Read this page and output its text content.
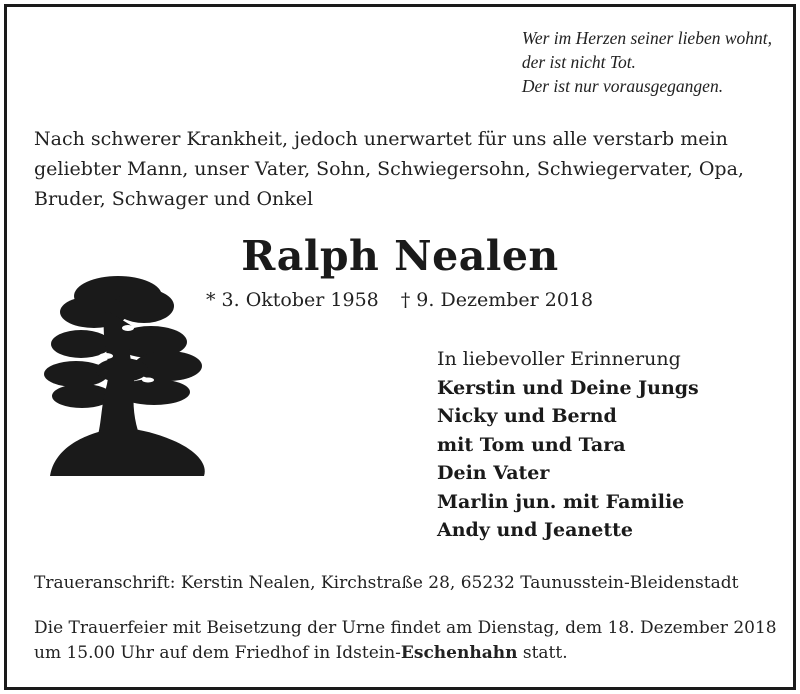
Wer im Herzen seiner lieben wohnt,
der ist nicht Tot.
Der ist nur vorausgegangen.
Nach schwerer Krankheit, jedoch unerwartet für uns alle verstarb mein
geliebter Mann, unser Vater, Sohn, Schwiegersohn, Schwiegervater, Opa,
Bruder, Schwager und Onkel
Ralph Nealen
* 3. Oktober 1958 † 9. Dezember 2018
In liebevoller Erinnerung
Kerstin und Deine Jungs
Nicky und Bernd
mit Tom und Tara
Dein Vater
Marlin jun. mit Familie
Andy und Jeanette
Traueranschrift: Kerstin Nealen, Kirchstraße 28, 65232 Taunusstein-Bleidenstadt
Die Trauerfeier mit Beisetzung der Urne findet am Dienstag, dem 18. Dezember 2018
um 15.00 Uhr auf dem Friedhof in Idstein-Eschenhahn statt.
